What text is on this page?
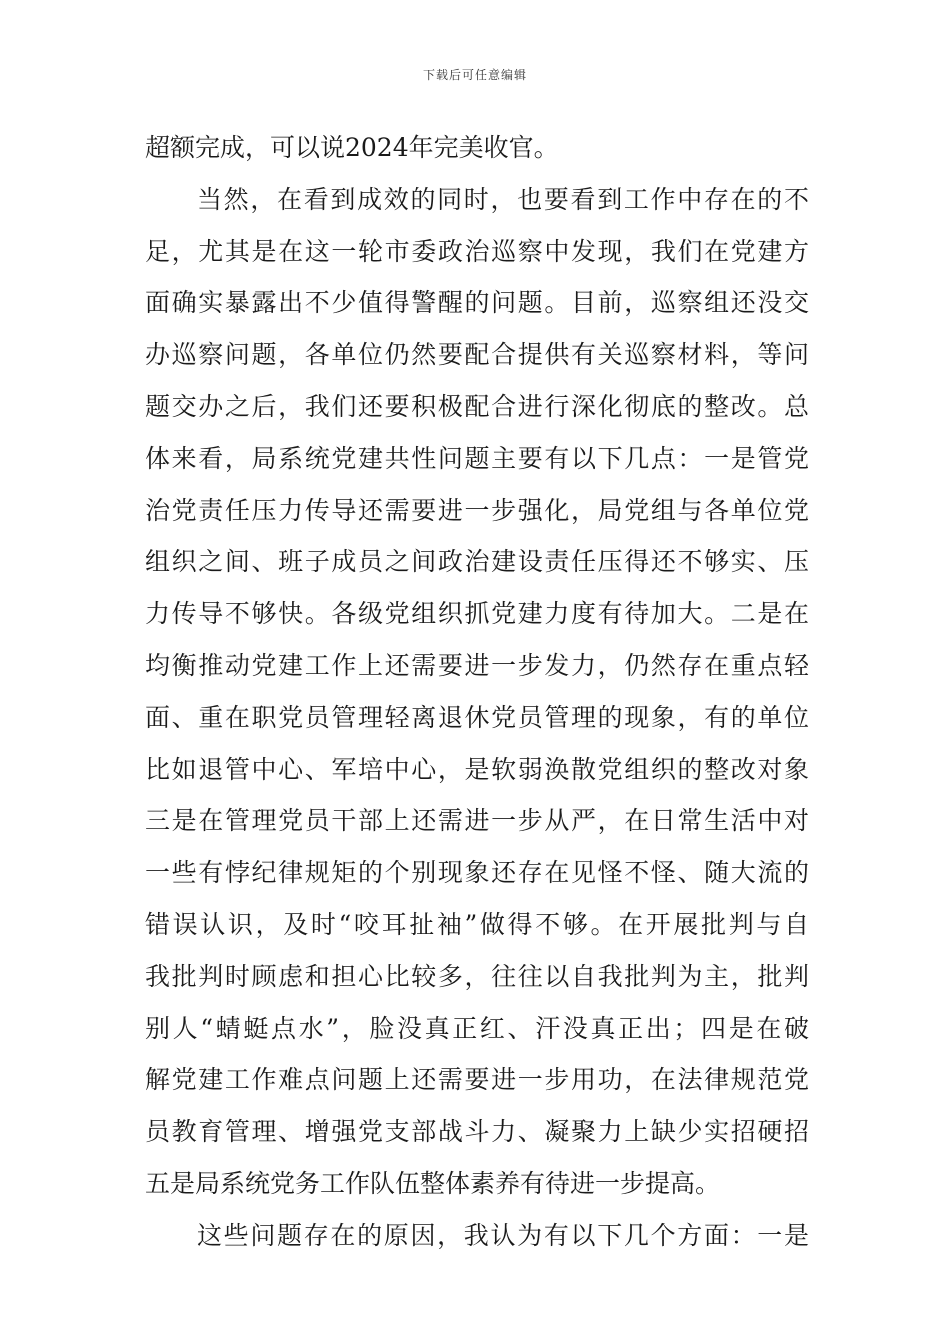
下载后可任意编辑
超额完成，可以说2024年完美收官。
当然，在看到成效的同时，也要看到工作中存在的不
足，尤其是在这一轮市委政治巡察中发现，我们在党建方
面确实暴露出不少值得警醒的问题。目前，巡察组还没交
办巡察问题，各单位仍然要配合提供有关巡察材料，等问
题交办之后，我们还要积极配合进行深化彻底的整改。总
体来看，局系统党建共性问题主要有以下几点：一是管党
治党责任压力传导还需要进一步强化，局党组与各单位党
组织之间、班子成员之间政治建设责任压得还不够实、压
力传导不够快。各级党组织抓党建力度有待加大。二是在
均衡推动党建工作上还需要进一步发力，仍然存在重点轻
面、重在职党员管理轻离退休党员管理的现象，有的单位
比如退管中心、军培中心，是软弱涣散党组织的整改对象
三是在管理党员干部上还需进一步从严，在日常生活中对
一些有悖纪律规矩的个别现象还存在见怪不怪、随大流的
错误认识，及时“咬耳扯袖”做得不够。在开展批判与自
我批判时顾虑和担心比较多，往往以自我批判为主，批判
别人“蜻蜓点水”，脸没真正红、汗没真正出；四是在破
解党建工作难点问题上还需要进一步用功，在法律规范党
员教育管理、增强党支部战斗力、凝聚力上缺少实招硬招
五是局系统党务工作队伍整体素养有待进一步提高。
这些问题存在的原因，我认为有以下几个方面：一是
